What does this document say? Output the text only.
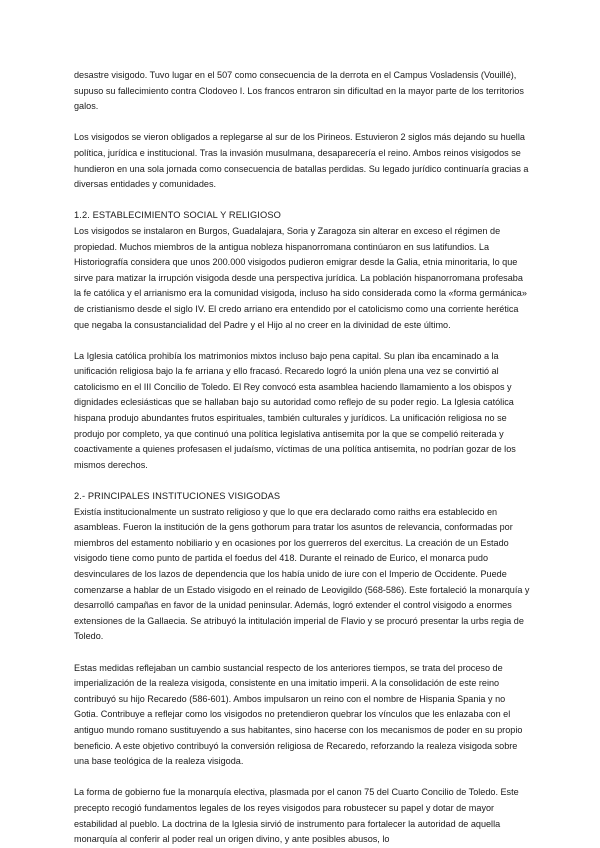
desastre visigodo. Tuvo lugar en el 507 como consecuencia de la derrota en el Campus Vosladensis (Vouillé), supuso su fallecimiento contra Clodoveo I. Los francos entraron sin dificultad en la mayor parte de los territorios galos.

Los visigodos se vieron obligados a replegarse al sur de los Pirineos. Estuvieron 2 siglos más dejando su huella política, jurídica e institucional. Tras la invasión musulmana, desaparecería el reino. Ambos reinos visigodos se hundieron en una sola jornada como consecuencia de batallas perdidas. Su legado jurídico continuaría gracias a diversas entidades y comunidades.

1.2. ESTABLECIMIENTO SOCIAL Y RELIGIOSO

Los visigodos se instalaron en Burgos, Guadalajara, Soria y Zaragoza sin alterar en exceso el régimen de propiedad. Muchos miembros de la antigua nobleza hispanorromana continúaron en sus latifundios. La Historiografía considera que unos 200.000 visigodos pudieron emigrar desde la Galia, etnia minoritaria, lo que sirve para matizar la irrupción visigoda desde una perspectiva jurídica. La población hispanorromana profesaba la fe católica y el arrianismo era la comunidad visigoda, incluso ha sido considerada como la «forma germánica» de cristianismo desde el siglo IV. El credo arriano era entendido por el catolicismo como una corriente herética que negaba la consustancialidad del Padre y el Hijo al no creer en la divinidad de este último.

La Iglesia católica prohibía los matrimonios mixtos incluso bajo pena capital. Su plan iba encaminado a la unificación religiosa bajo la fe arriana y ello fracasó. Recaredo logró la unión plena una vez se convirtió al catolicismo en el III Concilio de Toledo. El Rey convocó esta asamblea haciendo llamamiento a los obispos y dignidades eclesiásticas que se hallaban bajo su autoridad como reflejo de su poder regio. La Iglesia católica hispana produjo abundantes frutos espirituales, también culturales y jurídicos. La unificación religiosa no se produjo por completo, ya que continuó una política legislativa antisemita por la que se compelió reiterada y coactivamente a quienes profesasen el judaísmo, víctimas de una política antisemita, no podrían gozar de los mismos derechos.

2.- PRINCIPALES INSTITUCIONES VISIGODAS

Existía institucionalmente un sustrato religioso y que lo que era declarado como raiths era establecido en asambleas. Fueron la institución de la gens gothorum para tratar los asuntos de relevancia, conformadas por miembros del estamento nobiliario y en ocasiones por los guerreros del exercitus. La creación de un Estado visigodo tiene como punto de partida el foedus del 418. Durante el reinado de Eurico, el monarca pudo desvinculares de los lazos de dependencia que los había unido de iure con el Imperio de Occidente. Puede comenzarse a hablar de un Estado visigodo en el reinado de Leovigildo (568-586). Este fortaleció la monarquía y desarrolló campañas en favor de la unidad peninsular. Además, logró extender el control visigodo a enormes extensiones de la Gallaecia. Se atribuyó la intitulación imperial de Flavio y se procuró presentar la urbs regia de Toledo.

Estas medidas reflejaban un cambio sustancial respecto de los anteriores tiempos, se trata del proceso de imperialización de la realeza visigoda, consistente en una imitatio imperii. A la consolidación de este reino contribuyó su hijo Recaredo (586-601). Ambos impulsaron un reino con el nombre de Hispania Spania y no Gotia. Contribuye a reflejar como los visigodos no pretendieron quebrar los vínculos que les enlazaba con el antiguo mundo romano sustituyendo a sus habitantes, sino hacerse con los mecanismos de poder en su propio beneficio. A este objetivo contribuyó la conversión religiosa de Recaredo, reforzando la realeza visigoda sobre una base teológica de la realeza visigoda.

La forma de gobierno fue la monarquía electiva, plasmada por el canon 75 del Cuarto Concilio de Toledo. Este precepto recogió fundamentos legales de los reyes visigodos para robustecer su papel y dotar de mayor estabilidad al pueblo. La doctrina de la Iglesia sirvió de instrumento para fortalecer la autoridad de aquella monarquía al conferir al poder real un origen divino, y ante posibles abusos, lo
